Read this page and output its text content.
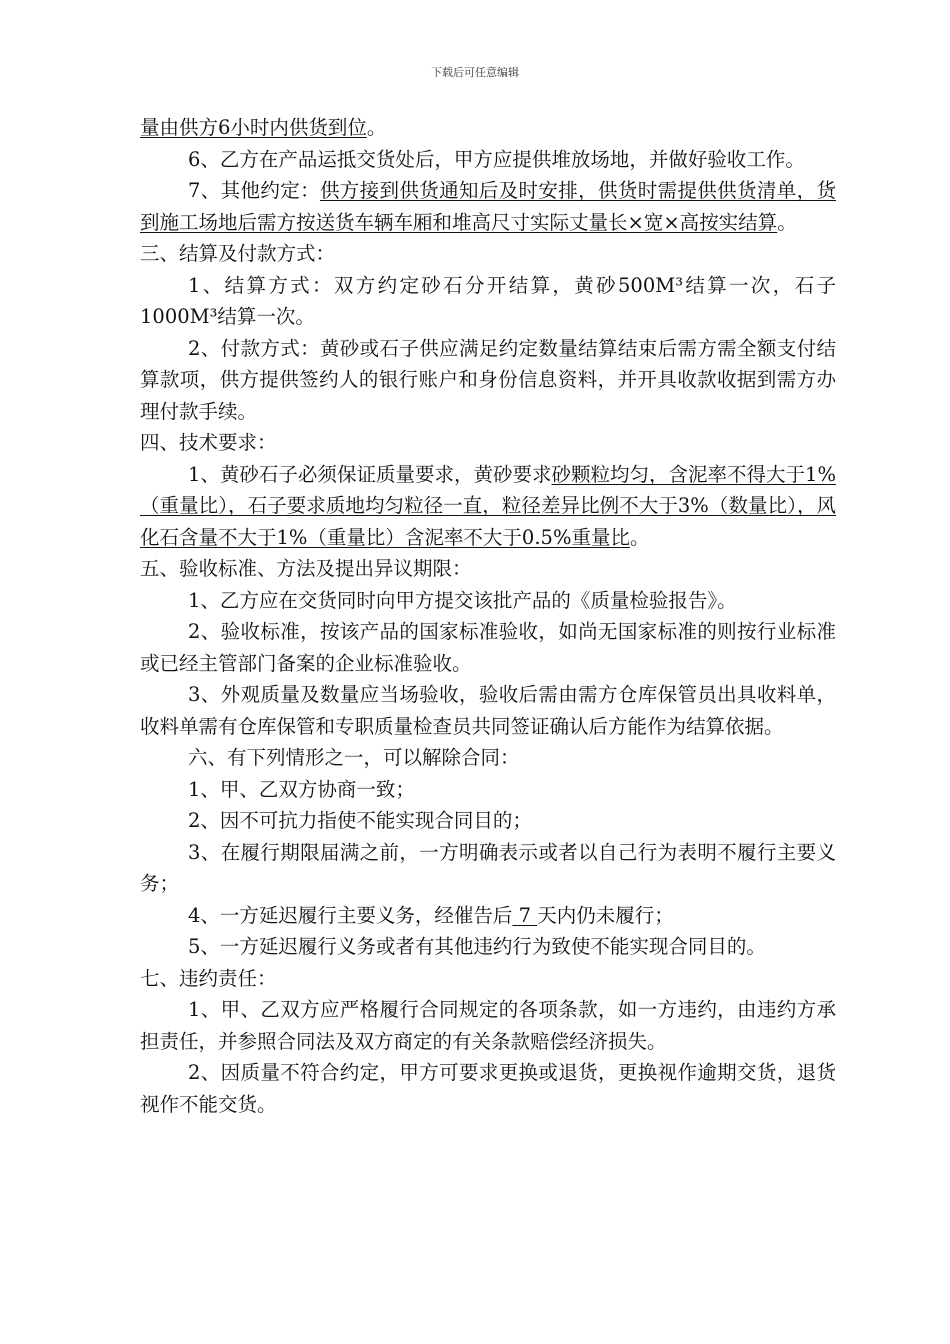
下载后可任意编辑

量由供方6小时内供货到位。

6、乙方在产品运抵交货处后，甲方应提供堆放场地，并做好验收工作。

7、其他约定：供方接到供货通知后及时安排，供货时需提供供货清单，货到施工场地后需方按送货车辆车厢和堆高尺寸实际丈量长×宽×高按实结算。

三、结算及付款方式：

1、结算方式：双方约定砂石分开结算，黄砂500M³结算一次，石子1000M³结算一次。

2、付款方式：黄砂或石子供应满足约定数量结算结束后需方需全额支付结算款项，供方提供签约人的银行账户和身份信息资料，并开具收款收据到需方办理付款手续。

四、技术要求：

1、黄砂石子必须保证质量要求，黄砂要求砂颗粒均匀，含泥率不得大于1%（重量比），石子要求质地均匀粒径一直，粒径差异比例不大于3%（数量比），风化石含量不大于1%（重量比）含泥率不大于0.5%重量比。

五、验收标准、方法及提出异议期限：

1、乙方应在交货同时向甲方提交该批产品的《质量检验报告》。

2、验收标准，按该产品的国家标准验收，如尚无国家标准的则按行业标准或已经主管部门备案的企业标准验收。

3、外观质量及数量应当场验收，验收后需由需方仓库保管员出具收料单，收料单需有仓库保管和专职质量检查员共同签证确认后方能作为结算依据。

六、有下列情形之一，可以解除合同：

1、甲、乙双方协商一致；

2、因不可抗力指使不能实现合同目的；

3、在履行期限届满之前，一方明确表示或者以自己行为表明不履行主要义务；

4、一方延迟履行主要义务，经催告后 7 天内仍未履行；

5、一方延迟履行义务或者有其他违约行为致使不能实现合同目的。

七、违约责任：

1、甲、乙双方应严格履行合同规定的各项条款，如一方违约，由违约方承担责任，并参照合同法及双方商定的有关条款赔偿经济损失。

2、因质量不符合约定，甲方可要求更换或退货，更换视作逾期交货，退货视作不能交货。
